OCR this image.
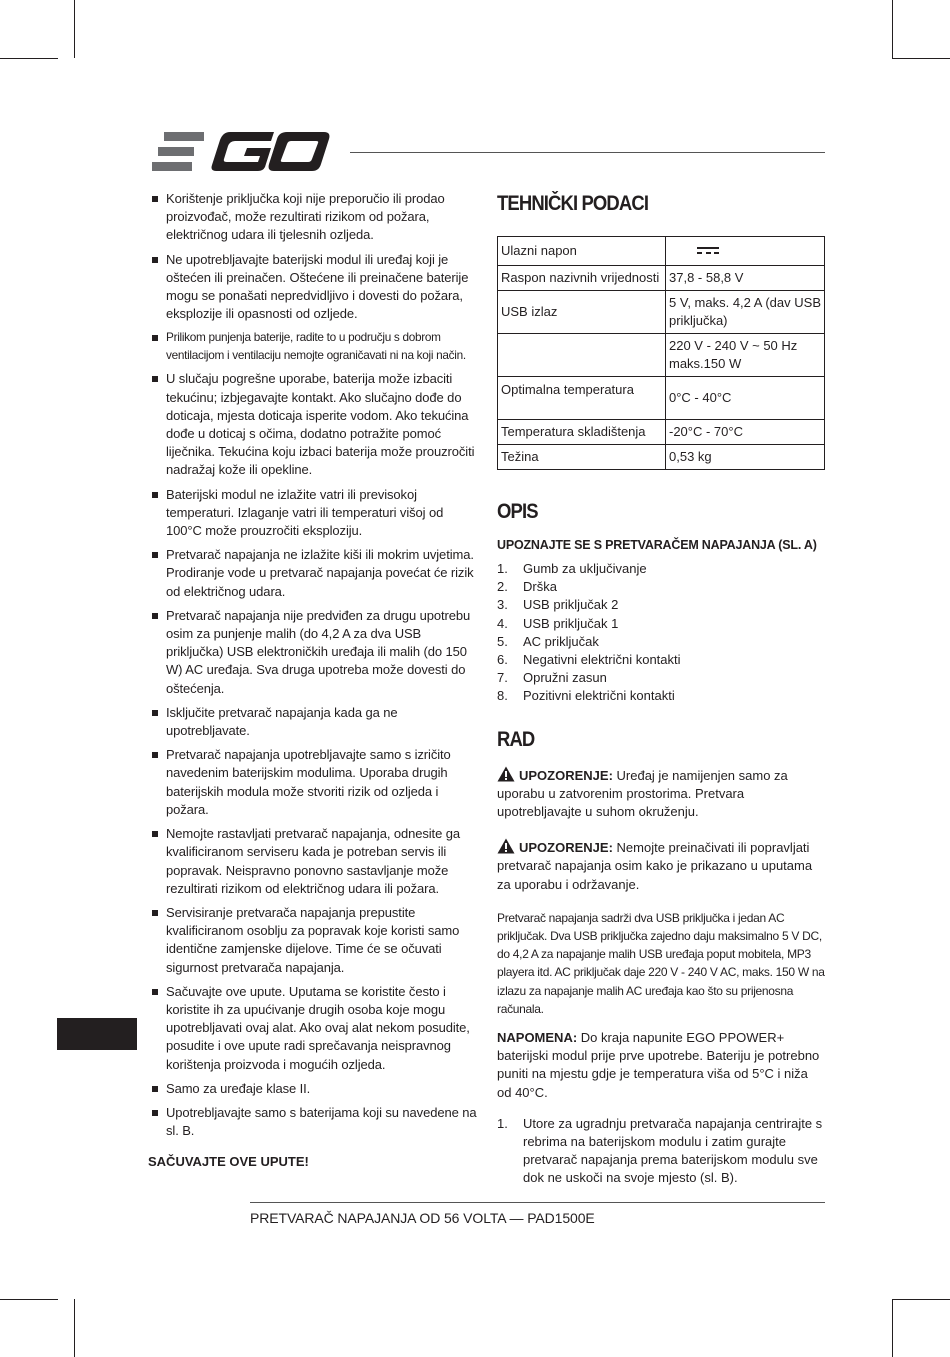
Korištenje priključka koji nije preporučio ili prodao proizvođač, može rezultirati rizikom od požara, električnog udara ili tjelesnih ozljeda.
Ne upotrebljavajte baterijski modul ili uređaj koji je oštećen ili preinačen. Oštećene ili preinačene baterije mogu se ponašati nepredvidljivo i dovesti do požara, eksplozije ili opasnosti od ozljede.
Prilikom punjenja baterije, radite to u području s dobrom ventilacijom i ventilaciju nemojte ograničavati ni na koji način.
U slučaju pogrešne uporabe, baterija može izbaciti tekućinu; izbjegavajte kontakt. Ako slučajno dođe do doticaja, mjesta doticaja isperite vodom. Ako tekućina dođe u doticaj s očima, dodatno potražite pomoć liječnika. Tekućina koju izbaci baterija može prouzročiti nadražaj kože ili opekline.
Baterijski modul ne izlažite vatri ili previsokoj temperaturi. Izlaganje vatri ili temperaturi višoj od 100°C može prouzročiti eksploziju.
Pretvarač napajanja ne izlažite kiši ili mokrim uvjetima. Prodiranje vode u pretvarač napajanja povećat će rizik od električnog udara.
Pretvarač napajanja nije predviđen za drugu upotrebu osim za punjenje malih (do 4,2 A za dva USB priključka) USB elektroničkih uređaja ili malih (do 150 W) AC uređaja. Sva druga upotreba može dovesti do oštećenja.
Isključite pretvarač napajanja kada ga ne upotrebljavate.
Pretvarač napajanja upotrebljavajte samo s izričito navedenim baterijskim modulima. Uporaba drugih baterijskih modula može stvoriti rizik od ozljeda i požara.
Nemojte rastavljati pretvarač napajanja, odnesite ga kvalificiranom serviseru kada je potreban servis ili popravak. Neispravno ponovno sastavljanje može rezultirati rizikom od električnog udara ili požara.
Servisiranje pretvarača napajanja prepustite kvalificiranom osoblju za popravak koje koristi samo identične zamjenske dijelove. Time će se očuvati sigurnost pretvarača napajanja.
Sačuvajte ove upute. Uputama se koristite često i koristite ih za upućivanje drugih osoba koje mogu upotrebljavati ovaj alat. Ako ovaj alat nekom posudite, posudite i ove upute radi sprečavanja neispravnog korištenja proizvoda i mogućih ozljeda.
Samo za uređaje klase II.
Upotrebljavajte samo s baterijama koji su navedene na sl. B.
SAČUVAJTE OVE UPUTE!
TEHNIČKI PODACI
Ulazni napon	

Raspon nazivnih vrijednosti	37,8 - 58,8 V
USB izlaz	5 V, maks. 4,2 A (dav USB priključka)
	220 V - 240 V ~ 50 Hz maks.150 W
Optimalna temperatura	0°C - 40°C
Temperatura skladištenja	-20°C - 70°C
Težina	0,53 kg
OPIS
UPOZNAJTE SE S PRETVARAČEM NAPAJANJA (SL. A)
1.	Gumb za uključivanje
2.	Drška
3.	USB priključak 2
4.	USB priključak 1
5.	AC priključak
6.	Negativni električni kontakti
7.	Opružni zasun
8.	Pozitivni električni kontakti
RAD

UPOZORENJE: Uređaj je namijenjen samo za uporabu u zatvorenim prostorima. Pretvara upotrebljavajte u suhom okruženju.

UPOZORENJE: Nemojte preinačivati ili popravljati pretvarač napajanja osim kako je prikazano u uputama za uporabu i održavanje.

Pretvarač napajanja sadrži dva USB priključka i jedan AC priključak. Dva USB priključka zajedno daju maksimalno 5 V DC, do 4,2 A za napajanje malih USB uređaja poput mobitela, MP3 playera itd. AC priključak daje 220 V - 240 V AC, maks. 150 W na izlazu za napajanje malih AC uređaja kao što su prijenosna računala.

NAPOMENA: Do kraja napunite EGO PPOWER+ baterijski modul prije prve upotrebe. Bateriju je potrebno puniti na mjestu gdje je temperatura viša od 5°C i niža od 40°C.

1.	Utore za ugradnju pretvarača napajanja centrirajte s rebrima na baterijskom modulu i zatim gurajte pretvarač napajanja prema baterijskom modulu sve dok ne uskoči na svoje mjesto (sl. B).
PRETVARAČ NAPAJANJA OD 56 VOLTA — PAD1500E
